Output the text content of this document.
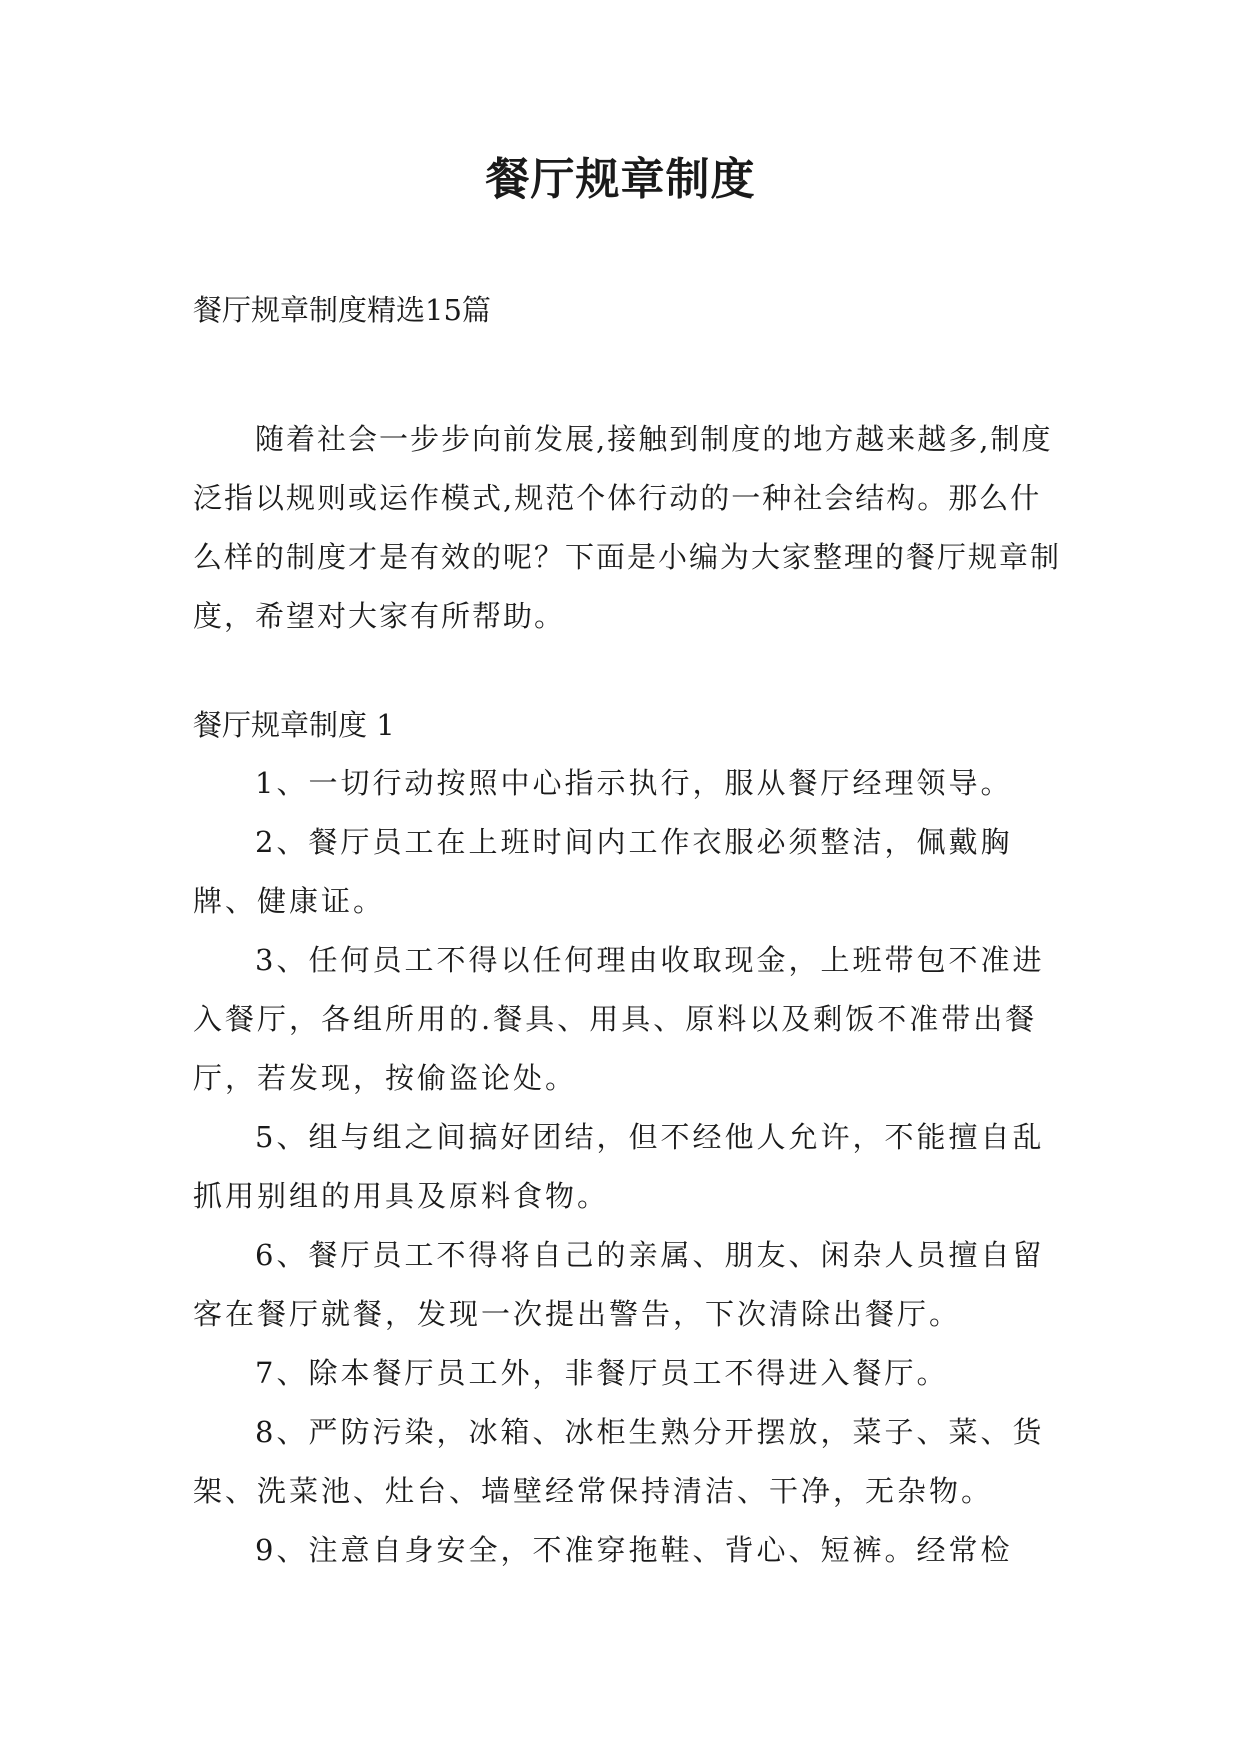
餐厅规章制度
餐厅规章制度精选15篇
随着社会一步步向前发展,接触到制度的地方越来越多,制度泛指以规则或运作模式,规范个体行动的一种社会结构。那么什么样的制度才是有效的呢？下面是小编为大家整理的餐厅规章制度，希望对大家有所帮助。
餐厅规章制度 1

1、一切行动按照中心指示执行，服从餐厅经理领导。

2、餐厅员工在上班时间内工作衣服必须整洁，佩戴胸牌、健康证。

3、任何员工不得以任何理由收取现金，上班带包不准进入餐厅，各组所用的.餐具、用具、原料以及剩饭不准带出餐厅，若发现，按偷盗论处。

5、组与组之间搞好团结，但不经他人允许，不能擅自乱抓用别组的用具及原料食物。

6、餐厅员工不得将自己的亲属、朋友、闲杂人员擅自留客在餐厅就餐，发现一次提出警告，下次清除出餐厅。

7、除本餐厅员工外，非餐厅员工不得进入餐厅。

8、严防污染，冰箱、冰柜生熟分开摆放，菜子、菜、货架、洗菜池、灶台、墙壁经常保持清洁、干净，无杂物。

9、注意自身安全，不准穿拖鞋、背心、短裤。经常检
